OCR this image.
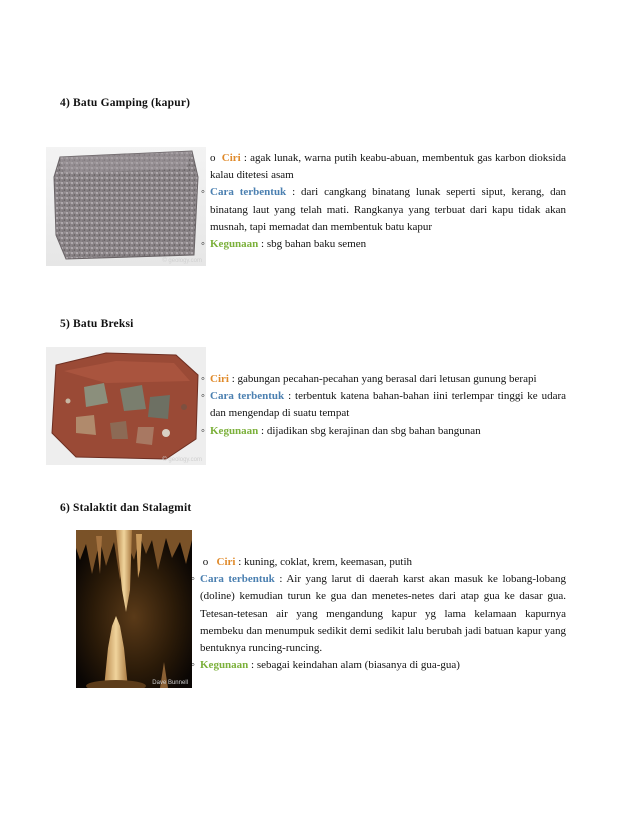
4) Batu Gamping (kapur)
© geology.com

o Ciri : agak lunak, warna putih keabu-abuan, membentuk gas karbon dioksida kalau ditetesi asam

◦ Cara terbentuk : dari cangkang binatang lunak seperti siput, kerang, dan binatang laut yang telah mati. Rangkanya yang terbuat dari kapu tidak akan musnah, tapi memadat dan membentuk batu kapur

◦ Kegunaan : sbg bahan baku semen

5) Batu Breksi
© geology.com
◦ Ciri : gabungan pecahan-pecahan yang berasal dari letusan gunung berapi

◦ Cara terbentuk : terbentuk katena bahan-bahan iini terlempar tinggi ke udara dan mengendap di suatu tempat

◦ Kegunaan : dijadikan sbg kerajinan dan sbg bahan bangunan

6) Stalaktit dan Stalagmit
Dave Bunnell

o Ciri : kuning, coklat, krem, keemasan, putih

◦ Cara terbentuk : Air yang larut di daerah karst akan masuk ke lobang-lobang (doline) kemudian turun ke gua dan menetes-netes dari atap gua ke dasar gua. Tetesan-tetesan air yang mengandung kapur yg lama kelamaan kapurnya membeku dan menumpuk sedikit demi sedikit lalu berubah jadi batuan kapur yang bentuknya runcing-runcing.

◦ Kegunaan : sebagai keindahan alam (biasanya di gua-gua)
